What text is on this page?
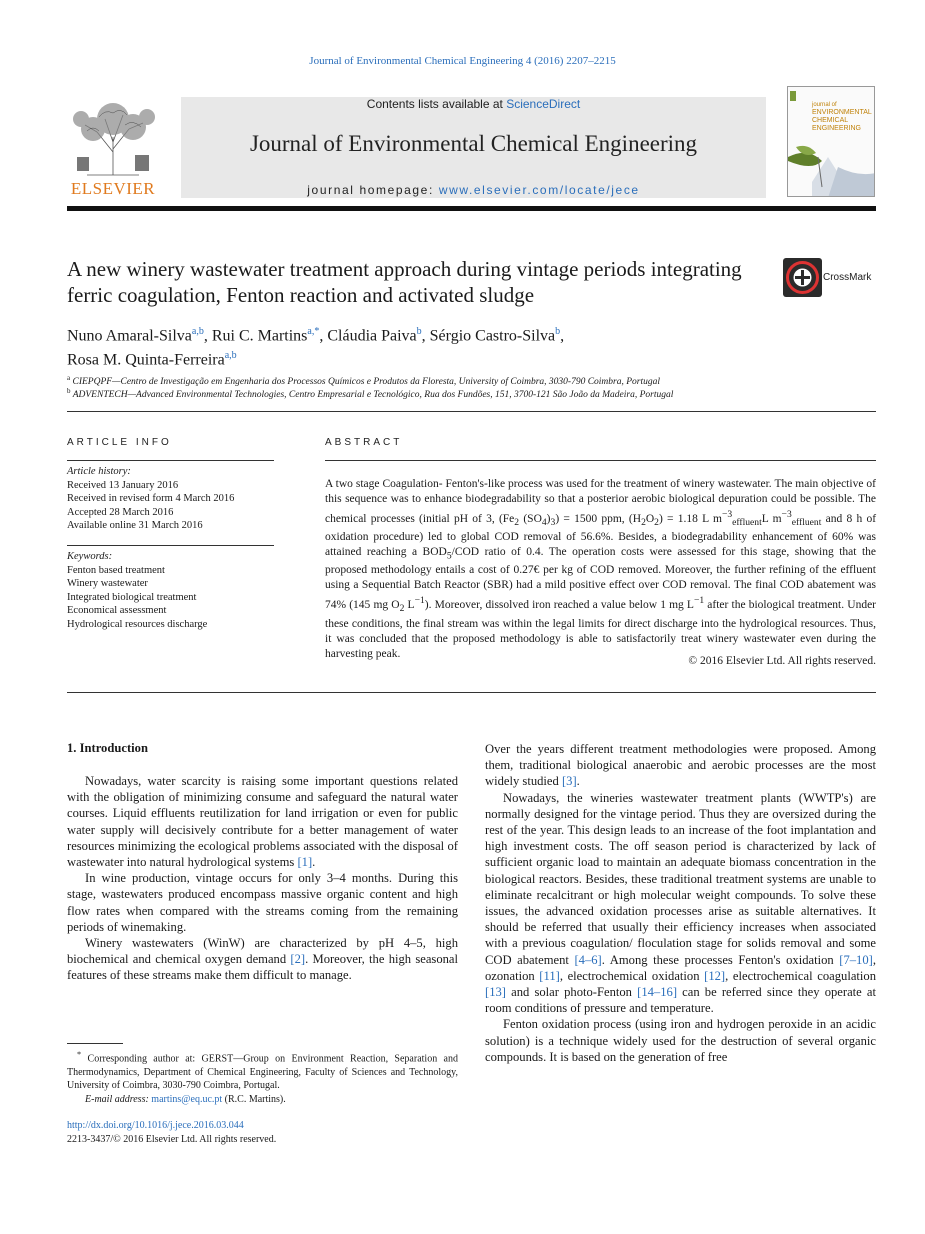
Journal of Environmental Chemical Engineering 4 (2016) 2207–2215
ELSEVIER
Contents lists available at ScienceDirect
Journal of Environmental Chemical Engineering
journal homepage: www.elsevier.com/locate/jece
journal of
ENVIRONMENTAL
CHEMICAL
ENGINEERING
A new winery wastewater treatment approach during vintage periods integrating ferric coagulation, Fenton reaction and activated sludge
CrossMark
Nuno Amaral-Silva$^{a,b}$, Rui C. Martins$^{a,*}$, Cláudia Paiva$^b$, Sérgio Castro-Silva$^b$,
Rosa M. Quinta-Ferreira$^{a,b}$
$^a$ CIEPQPF—Centro de Investigação em Engenharia dos Processos Químicos e Produtos da Floresta, University of Coimbra, 3030-790 Coimbra, Portugal
$^b$ ADVENTECH—Advanced Environmental Technologies, Centro Empresarial e Tecnológico, Rua dos Fundões, 151, 3700-121 São João da Madeira, Portugal
ARTICLE INFO
Article history:
Received 13 January 2016
Received in revised form 4 March 2016
Accepted 28 March 2016
Available online 31 March 2016
Keywords:
Fenton based treatment
Winery wastewater
Integrated biological treatment
Economical assessment
Hydrological resources discharge
ABSTRACT
A two stage Coagulation- Fenton's-like process was used for the treatment of winery wastewater. The main objective of this sequence was to enhance biodegradability so that a posterior aerobic biological depuration could be possible. The chemical processes (initial pH of 3, ($Fe_2$ $(SO_4)_3) = 1500$ ppm, $(H_2O_2) = 1.18$ L $m^{-3}_{effluent}L$ $m^{-3}_{effluent}$ and 8 h of oxidation procedure) led to global COD removal of 56.6%. Besides, a biodegradability enhancement of 60% was attained reaching a $BOD_5$/COD ratio of 0.4. The operation costs were assessed for this stage, showing that the proposed methodology entails a cost of 0.27€ per kg of COD removed. Moreover, the further refining of the effluent using a Sequential Batch Reactor (SBR) had a mild positive effect over COD removal. The final COD abatement was 74% (145 mg $O_2$ $L^{-1}$). Moreover, dissolved iron reached a value below 1 mg $L^{-1}$ after the biological treatment. Under these conditions, the final stream was within the legal limits for direct discharge into the hydrological resources. Thus, it was concluded that the proposed methodology is able to satisfactorily treat winery wastewater even during the harvesting peak.
© 2016 Elsevier Ltd. All rights reserved.
1. Introduction

Nowadays, water scarcity is raising some important questions related with the obligation of minimizing consume and safeguard the natural water courses. Liquid effluents reutilization for land irrigation or even for public water supply will decisively contribute for a better management of water resources minimizing the ecological problems associated with the disposal of wastewater into natural hydrological systems [1].

In wine production, vintage occurs for only 3–4 months. During this stage, wastewaters produced encompass massive organic content and high flow rates when compared with the streams coming from the remaining periods of winemaking.

Winery wastewaters (WinW) are characterized by pH 4–5, high biochemical and chemical oxygen demand [2]. Moreover, the high seasonal features of these streams make them difficult to manage.

Over the years different treatment methodologies were proposed. Among them, traditional biological anaerobic and aerobic processes are the most widely studied [3].

Nowadays, the wineries wastewater treatment plants (WWTP's) are normally designed for the vintage period. Thus they are oversized during the rest of the year. This design leads to an increase of the foot implantation and high investment costs. The off season period is characterized by lack of sufficient organic load to maintain an adequate biomass concentration in the biological reactors. Besides, these traditional treatment systems are unable to eliminate recalcitrant or high molecular weight compounds. To solve these issues, the advanced oxidation processes arise as suitable alternatives. It should be referred that usually their efficiency increases when associated with a previous coagulation/ floculation stage for solids removal and some COD abatement [4–6]. Among these processes Fenton's oxidation [7–10], ozonation [11], electrochemical oxidation [12], electrochemical coagulation [13] and solar photo-Fenton [14–16] can be referred since they operate at room conditions of pressure and temperature.

Fenton oxidation process (using iron and hydrogen peroxide in an acidic solution) is a technique widely used for the destruction of several organic compounds. It is based on the generation of free

* Corresponding author at: GERST—Group on Environment Reaction, Separation and Thermodynamics, Department of Chemical Engineering, Faculty of Sciences and Technology, University of Coimbra, 3030-790 Coimbra, Portugal.
E-mail address: martins@eq.uc.pt (R.C. Martins).
http://dx.doi.org/10.1016/j.jece.2016.03.044
2213-3437/© 2016 Elsevier Ltd. All rights reserved.
